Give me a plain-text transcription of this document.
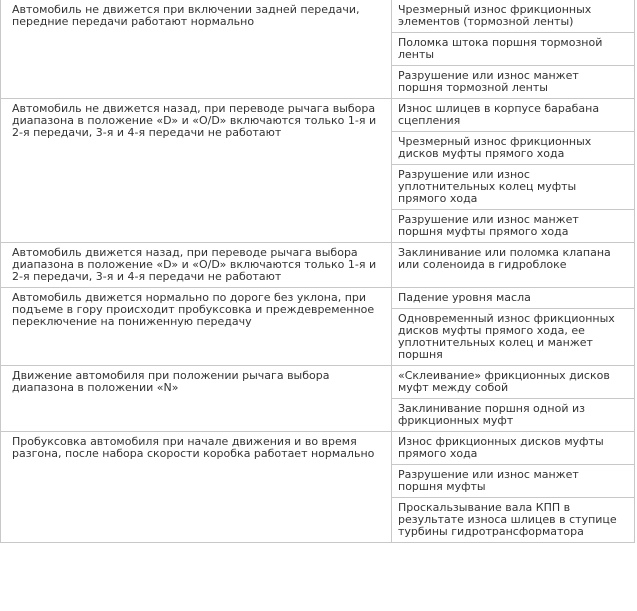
Автомобиль не движется при включении задней передачи, передние передачи работают нормально	Чрезмерный износ фрикционных элементов (тормозной ленты)
	Поломка штока поршня тормозной ленты
	Разрушение или износ манжет поршня тормозной ленты
Автомобиль не движется назад, при переводе рычага выбора диапазона в положение «D» и «O/D» включаются только 1-я и 2-я передачи, 3-я и 4-я передачи не работают	Износ шлицев в корпусе барабана сцепления
	Чрезмерный износ фрикционных дисков муфты прямого хода
	Разрушение или износ уплотнительных колец муфты прямого хода
	Разрушение или износ манжет поршня муфты прямого хода
Автомобиль движется назад, при переводе рычага выбора диапазона в положение «D» и «O/D» включаются только 1-я и 2-я передачи, 3-я и 4-я передачи не работают	Заклинивание или поломка клапана или соленоида в гидроблоке
Автомобиль движется нормально по дороге без уклона, при подъеме в гору происходит пробуксовка и преждевременное переключение на пониженную передачу	Падение уровня масла
	Одновременный износ фрикционных дисков муфты прямого хода, ее уплотнительных колец и манжет поршня
Движение автомобиля при положении рычага выбора диапазона в положении «N»	«Склеивание» фрикционных дисков муфт между собой
	Заклинивание поршня одной из фрикционных муфт
Пробуксовка автомобиля при начале движения и во время разгона, после набора скорости коробка работает нормально	Износ фрикционных дисков муфты прямого хода
	Разрушение или износ манжет поршня муфты
	Проскальзывание вала КПП в результате износа шлицев в ступице турбины гидротрансформатора
